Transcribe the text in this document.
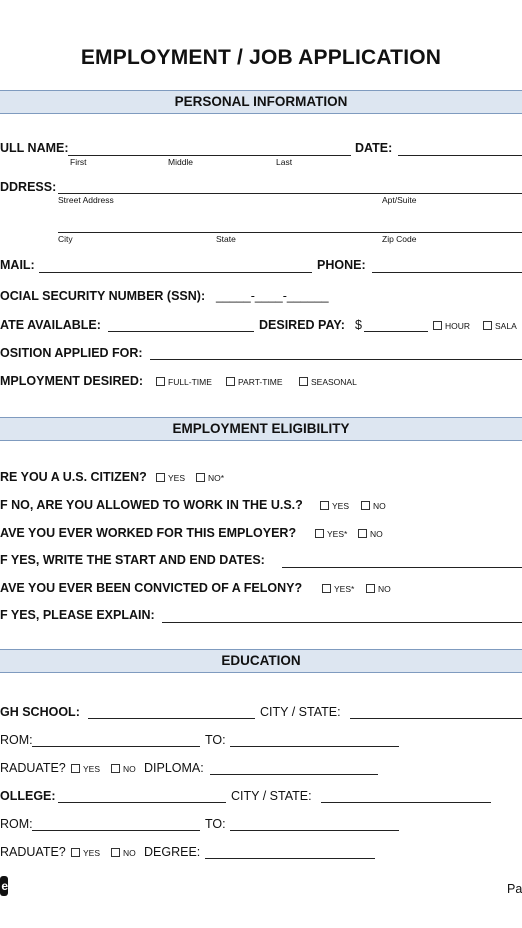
EMPLOYMENT / JOB APPLICATION
PERSONAL INFORMATION
ULL NAME:
First	Middle	Last
DATE:
DDRESS:
Street Address	Apt/Suite
City	State	Zip Code
MAIL:	PHONE:
OCIAL SECURITY NUMBER (SSN): _____-____-______
ATE AVAILABLE:	DESIRED PAY: $	HOUR	SALA
OSITION APPLIED FOR:
MPLOYMENT DESIRED:	FULL-TIME	PART-TIME	SEASONAL
EMPLOYMENT ELIGIBILITY
RE YOU A U.S. CITIZEN?	YES	NO*
F NO, ARE YOU ALLOWED TO WORK IN THE U.S.?	YES	NO
AVE YOU EVER WORKED FOR THIS EMPLOYER?	YES*	NO
F YES, WRITE THE START AND END DATES:
AVE YOU EVER BEEN CONVICTED OF A FELONY?	YES*	NO
F YES, PLEASE EXPLAIN:
EDUCATION
GH SCHOOL:	CITY / STATE:
ROM:	TO:
RADUATE?	YES	NO DIPLOMA:
OLLEGE:	CITY / STATE:
ROM:	TO:
RADUATE?	YES	NO DEGREE:
e	Pa
